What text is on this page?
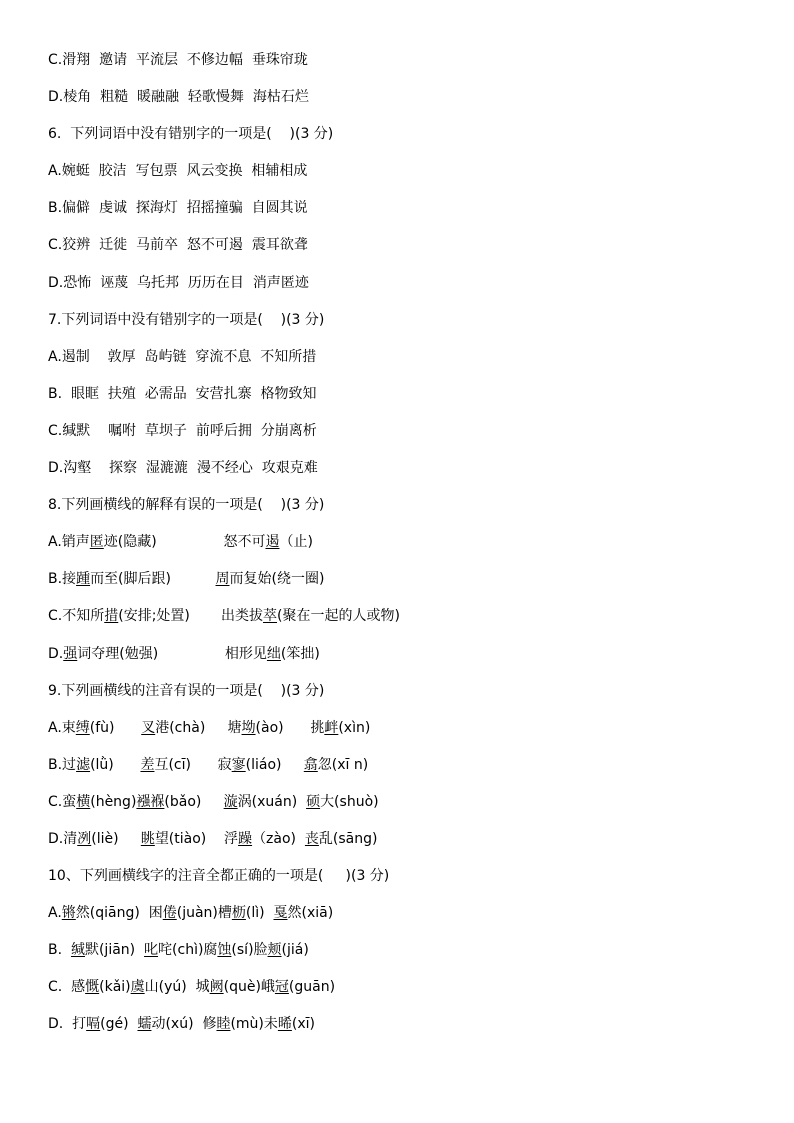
C.滑翔  邀请  平流层  不修边幅  垂珠帘珑
D.棱角  粗糙  暖融融  轻歌慢舞  海枯石烂
6.  下列词语中没有错别字的一项是(    )(3 分)
A.婉蜓  胶洁  写包票  风云变换  相辅相成
B.偏僻  虔诚  探海灯  招摇撞骗  自圆其说
C.狡辨  迁徙  马前卒  怒不可遏  震耳欲聋
D.恐怖  诬蔑  乌托邦  历历在目  消声匿迹
7.下列词语中没有错别字的一项是(    )(3 分)
A.遏制    敦厚  岛屿链  穿流不息  不知所措
B.  眼眶  扶殖  必需品  安营扎寨  格物致知
C.缄默    嘱咐  草坝子  前呼后拥  分崩离析
D.沟壑    探察  湿漉漉  漫不经心  攻艰克难
8.下列画横线的解释有误的一项是(    )(3 分)
A.销声匿迹(隐藏)               怒不可遏（止)
B.接踵而至(脚后跟)          周而复始(绕一圈)
C.不知所措(安排;处置)       出类拔萃(聚在一起的人或物)
D.强词夺理(勉强)               相形见绌(笨拙)
9.下列画横线的注音有误的一项是(    )(3 分)
A.束缚(fù)      叉港(chà)     塘坳(ào)      挑衅(xìn)
B.过滤(lǜ)      差互(cī)      寂寥(liáo)     翕忽(xī n)
C.蛮横(hèng)襁褓(bǎo)     漩涡(xuán)  硕大(shuò)
D.清冽(liè)     眺望(tiào)    浮躁（zào)  丧乱(sāng)
10、下列画横线字的注音全都正确的一项是(     )(3 分)
A.锵然(qiāng)  困倦(juàn)槽枥(lì)  戛然(xiā)
B.  缄默(jiān)  叱咤(chì)腐蚀(sí)脸颊(jiá)
C.  感慨(kǎi)虞山(yú)  城阙(què)峨冠(guān)
D.  打嗝(gé)  蠕动(xú)  修睦(mù)未晞(xī)
